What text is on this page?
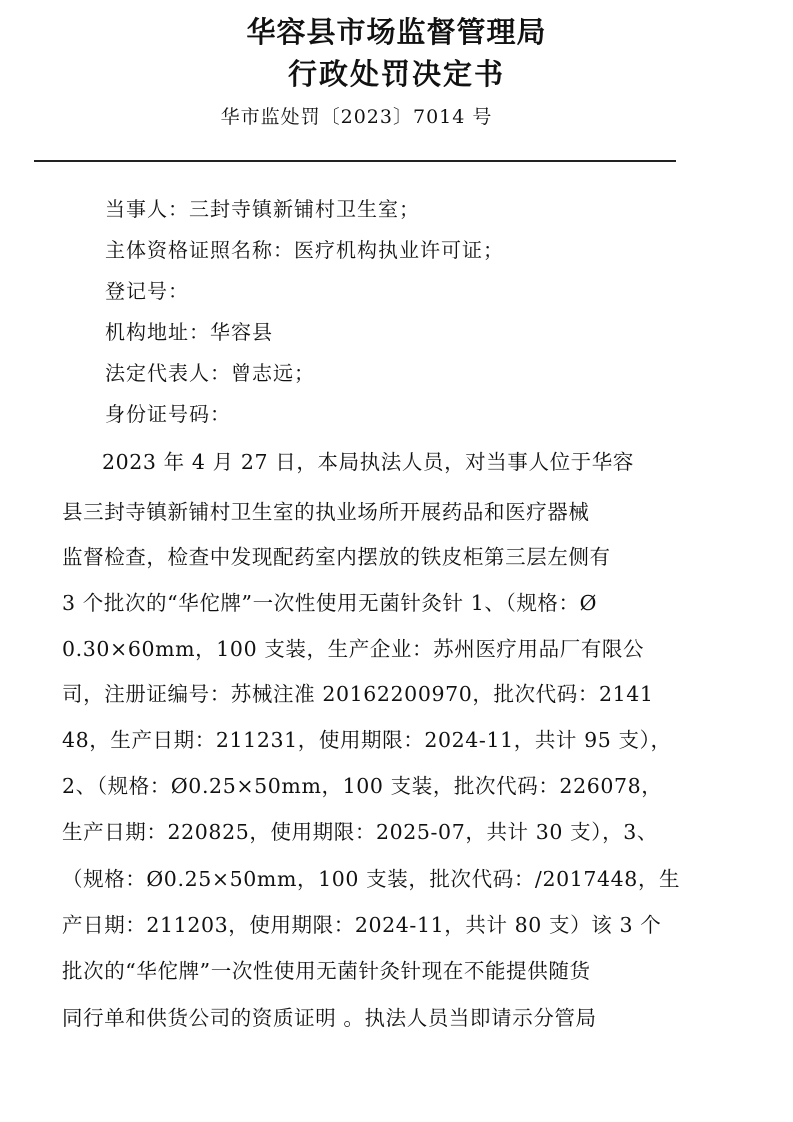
华容县市场监督管理局
行政处罚决定书
华市监处罚〔2023〕7014 号
当事人：三封寺镇新铺村卫生室；
主体资格证照名称：医疗机构执业许可证；
登记号：
机构地址：华容县
法定代表人：曾志远；
身份证号码：
2023 年 4 月 27 日，本局执法人员，对当事人位于华容
县三封寺镇新铺村卫生室的执业场所开展药品和医疗器械
监督检查，检查中发现配药室内摆放的铁皮柜第三层左侧有
3 个批次的“华佗牌”一次性使用无菌针灸针 1、（规格：Ø
0.30×60mm，100 支装，生产企业：苏州医疗用品厂有限公
司，注册证编号：苏械注准 20162200970，批次代码：2141
48，生产日期：211231，使用期限：2024-11，共计 95 支），
2、（规格：Ø0.25×50mm，100 支装，批次代码：226078，
生产日期：220825，使用期限：2025-07，共计 30 支），3、
（规格：Ø0.25×50mm，100 支装，批次代码：/2017448，生
产日期：211203，使用期限：2024-11，共计 80 支）该 3 个
批次的“华佗牌”一次性使用无菌针灸针现在不能提供随货
同行单和供货公司的资质证明 。执法人员当即请示分管局
